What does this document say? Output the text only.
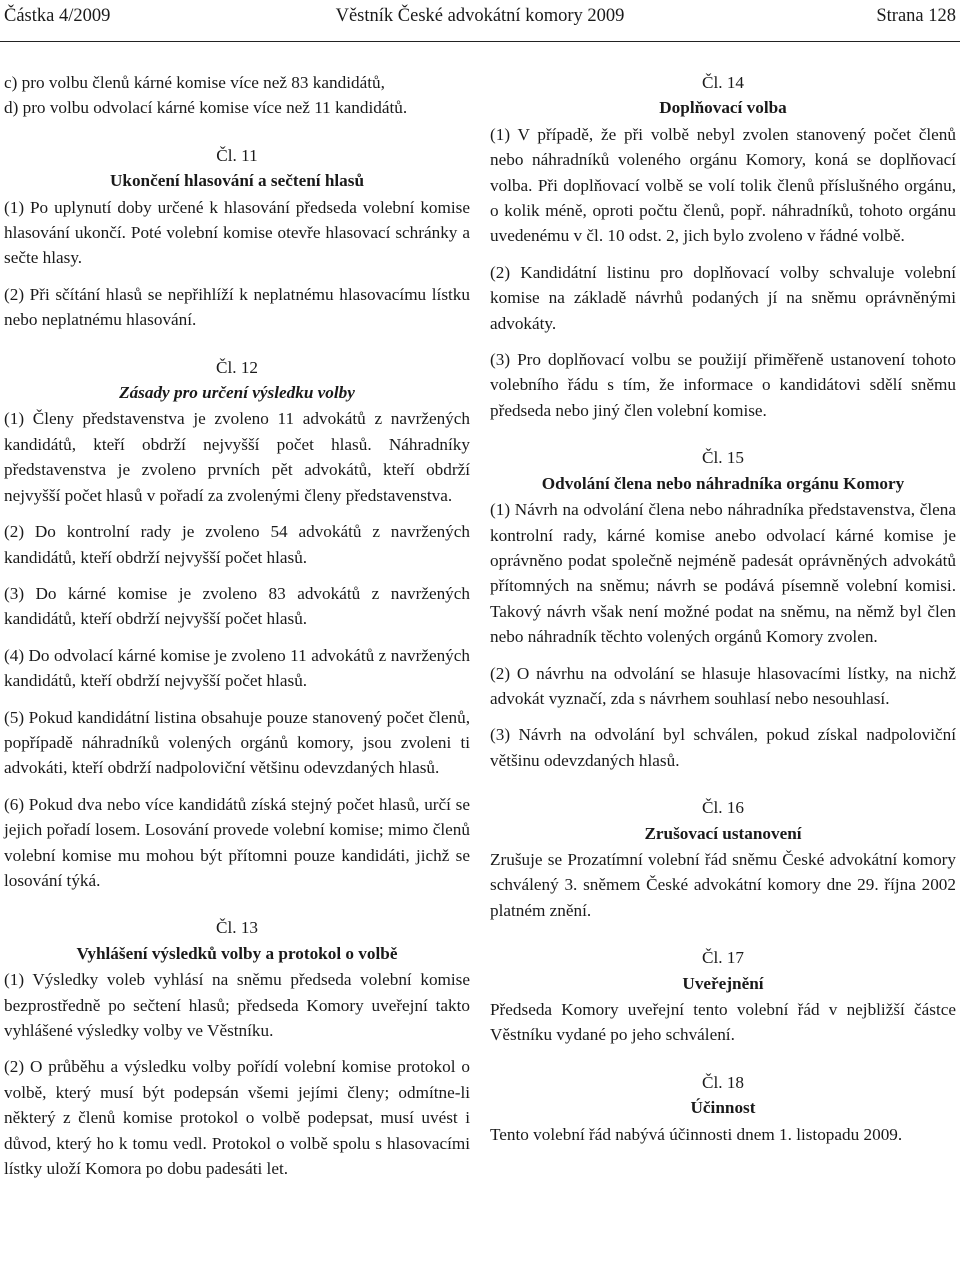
Částka 4/2009	Věstník České advokátní komory 2009	Strana 128

c) pro volbu členů kárné komise více než 83 kandidátů,

d) pro volbu odvolací kárné komise více než 11 kandidátů.

Čl. 11
Ukončení hlasování a sečtení hlasů

(1) Po uplynutí doby určené k hlasování předseda volební komise hlasování ukončí. Poté volební komise otevře hlasovací schránky a sečte hlasy.

(2) Při sčítání hlasů se nepřihlíží k neplatnému hlasovacímu lístku nebo neplatnému hlasování.

Čl. 12
Zásady pro určení výsledku volby

(1) Členy představenstva je zvoleno 11 advokátů z navržených kandidátů, kteří obdrží nejvyšší počet hlasů. Náhradníky představenstva je zvoleno prvních pět advokátů, kteří obdrží nejvyšší počet hlasů v pořadí za zvolenými členy představenstva.

(2) Do kontrolní rady je zvoleno 54 advokátů z navržených kandidátů, kteří obdrží nejvyšší počet hlasů.

(3) Do kárné komise je zvoleno 83 advokátů z navržených kandidátů, kteří obdrží nejvyšší počet hlasů.

(4) Do odvolací kárné komise je zvoleno 11 advokátů z navržených kandidátů, kteří obdrží nejvyšší počet hlasů.

(5) Pokud kandidátní listina obsahuje pouze stanovený počet členů, popřípadě náhradníků volených orgánů komory, jsou zvoleni ti advokáti, kteří obdrží nadpoloviční většinu odevzdaných hlasů.

(6) Pokud dva nebo více kandidátů získá stejný počet hlasů, určí se jejich pořadí losem. Losování provede volební komise; mimo členů volební komise mu mohou být přítomni pouze kandidáti, jichž se losování týká.

Čl. 13
Vyhlášení výsledků volby a protokol o volbě

(1) Výsledky voleb vyhlásí na sněmu předseda volební komise bezprostředně po sečtení hlasů; předseda Komory uveřejní takto vyhlášené výsledky volby ve Věstníku.

(2) O průběhu a výsledku volby pořídí volební komise protokol o volbě, který musí být podepsán všemi jejími členy; odmítne-li některý z členů komise protokol o volbě podepsat, musí uvést i důvod, který ho k tomu vedl. Protokol o volbě spolu s hlasovacími lístky uloží Komora po dobu padesáti let.

Čl. 14
Doplňovací volba

(1) V případě, že při volbě nebyl zvolen stanovený počet členů nebo náhradníků voleného orgánu Komory, koná se doplňovací volba. Při doplňovací volbě se volí tolik členů příslušného orgánu, o kolik méně, oproti počtu členů, popř. náhradníků, tohoto orgánu uvedenému v čl. 10 odst. 2, jich bylo zvoleno v řádné volbě.

(2) Kandidátní listinu pro doplňovací volby schvaluje volební komise na základě návrhů podaných jí na sněmu oprávněnými advokáty.

(3) Pro doplňovací volbu se použijí přiměřeně ustanovení tohoto volebního řádu s tím, že informace o kandidátovi sdělí sněmu předseda nebo jiný člen volební komise.

Čl. 15
Odvolání člena nebo náhradníka orgánu Komory

(1) Návrh na odvolání člena nebo náhradníka představenstva, člena kontrolní rady, kárné komise anebo odvolací kárné komise je oprávněno podat společně nejméně padesát oprávněných advokátů přítomných na sněmu; návrh se podává písemně volební komisi. Takový návrh však není možné podat na sněmu, na němž byl člen nebo náhradník těchto volených orgánů Komory zvolen.

(2) O návrhu na odvolání se hlasuje hlasovacími lístky, na nichž advokát vyznačí, zda s návrhem souhlasí nebo nesouhlasí.

(3) Návrh na odvolání byl schválen, pokud získal nadpoloviční většinu odevzdaných hlasů.

Čl. 16
Zrušovací ustanovení

Zrušuje se Prozatímní volební řád sněmu České advokátní komory schválený 3. sněmem České advokátní komory dne 29. října 2002 platném znění.

Čl. 17
Uveřejnění

Předseda Komory uveřejní tento volební řád v nejbližší částce Věstníku vydané po jeho schválení.

Čl. 18
Účinnost

Tento volební řád nabývá účinnosti dnem 1. listopadu 2009.
